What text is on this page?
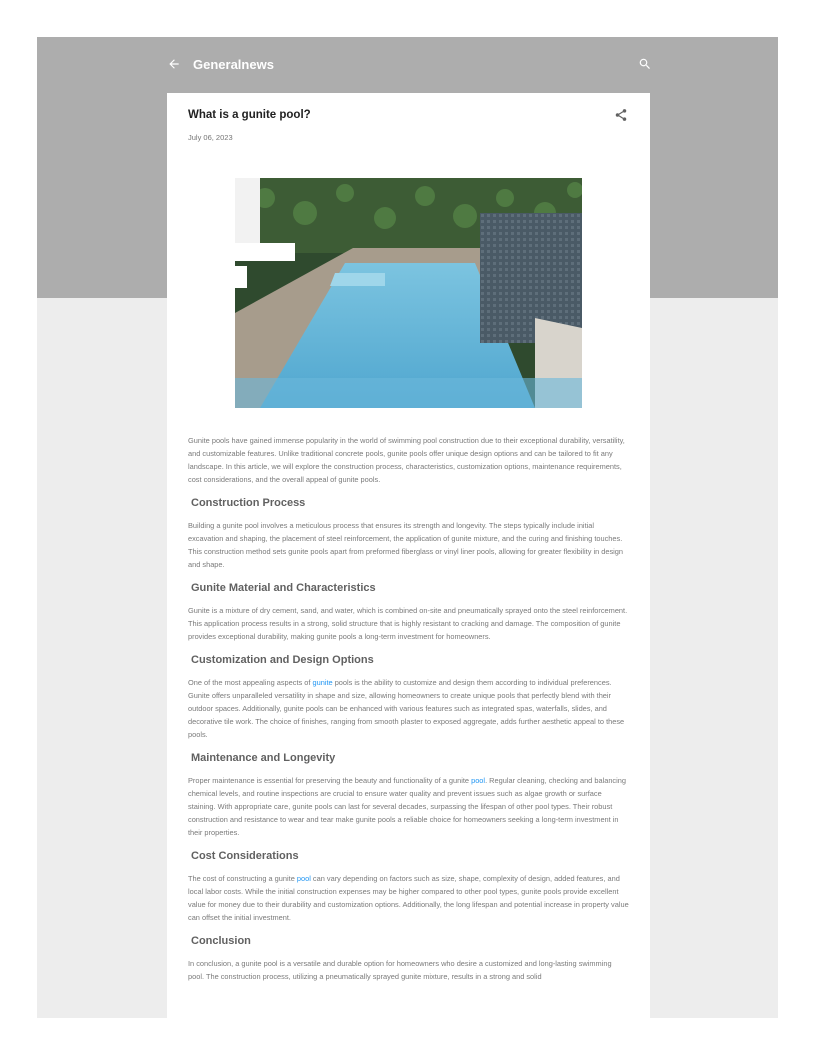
Generalnews
What is a gunite pool?
July 06, 2023

Gunite pools have gained immense popularity in the world of swimming pool construction due to their exceptional durability, versatility, and customizable features. Unlike traditional concrete pools, gunite pools offer unique design options and can be tailored to fit any landscape. In this article, we will explore the construction process, characteristics, customization options, maintenance requirements, cost considerations, and the overall appeal of gunite pools.

Construction Process

Building a gunite pool involves a meticulous process that ensures its strength and longevity. The steps typically include initial excavation and shaping, the placement of steel reinforcement, the application of gunite mixture, and the curing and finishing touches. This construction method sets gunite pools apart from preformed fiberglass or vinyl liner pools, allowing for greater flexibility in design and shape.

Gunite Material and Characteristics

Gunite is a mixture of dry cement, sand, and water, which is combined on-site and pneumatically sprayed onto the steel reinforcement. This application process results in a strong, solid structure that is highly resistant to cracking and damage. The composition of gunite provides exceptional durability, making gunite pools a long-term investment for homeowners.

Customization and Design Options

One of the most appealing aspects of gunite pools is the ability to customize and design them according to individual preferences. Gunite offers unparalleled versatility in shape and size, allowing homeowners to create unique pools that perfectly blend with their outdoor spaces. Additionally, gunite pools can be enhanced with various features such as integrated spas, waterfalls, slides, and decorative tile work. The choice of finishes, ranging from smooth plaster to exposed aggregate, adds further aesthetic appeal to these pools.

Maintenance and Longevity

Proper maintenance is essential for preserving the beauty and functionality of a gunite pool. Regular cleaning, checking and balancing chemical levels, and routine inspections are crucial to ensure water quality and prevent issues such as algae growth or surface staining. With appropriate care, gunite pools can last for several decades, surpassing the lifespan of other pool types. Their robust construction and resistance to wear and tear make gunite pools a reliable choice for homeowners seeking a long-term investment in their properties.

Cost Considerations

The cost of constructing a gunite pool can vary depending on factors such as size, shape, complexity of design, added features, and local labor costs. While the initial construction expenses may be higher compared to other pool types, gunite pools provide excellent value for money due to their durability and customization options. Additionally, the long lifespan and potential increase in property value can offset the initial investment.

Conclusion

In conclusion, a gunite pool is a versatile and durable option for homeowners who desire a customized and long-lasting swimming pool. The construction process, utilizing a pneumatically sprayed gunite mixture, results in a strong and solid
